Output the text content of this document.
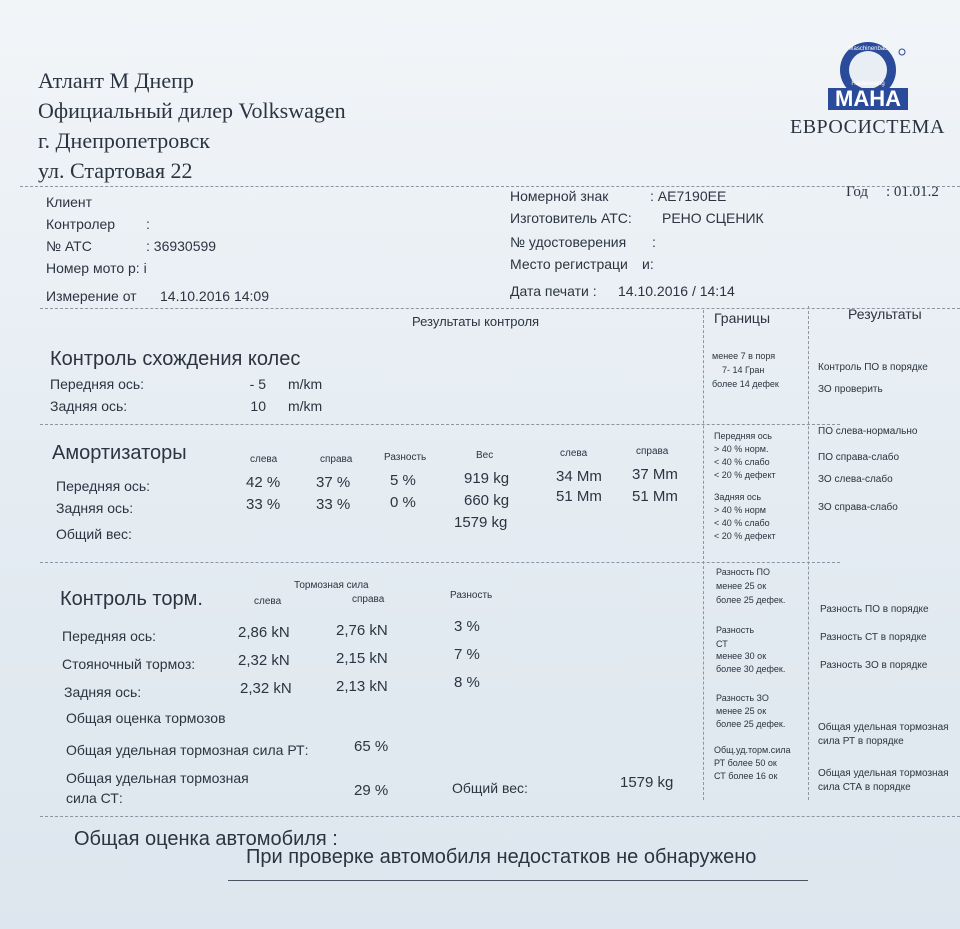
Атлант М Днепр
Официальный дилер Volkswagen
г. Днепропетровск
ул. Стартовая 22
MAHA
Maschinenbau
Haldenwang
ЕВРОСИСТЕМА
Клиент
Контролер :
№ АТС	: 36930599
Номер мото р: і
Измерение от 14.10.2016 14:09
Номерной знак	: АЕ7190ЕЕ	Год : 01.01.2
Изготовитель АТС: РЕНО СЦЕНИК
№ удостоверения :
Место регистраци и:
Дата печати : 14.10.2016 / 14:14
Результаты контроля	Границы	Результаты
Контроль схождения колес
Передняя ось:	- 5 m/km
Задняя ось:	10 m/km
менее 7 в поря
7- 14 Гран
более 14 дефек
Контроль ПО в порядке
ЗО проверить
Амортизаторы	слева	справа	Разность	Вес	слева	справа
Передняя ось:	42 % 37 %	5 %	919 kg	34 Mm 37 Mm
Задняя ось:	33 % 33 %	0 %	660 kg	51 Mm 51 Mm
Общий вес:
1579 kg
Передняя ось
> 40 % норм.
< 40 % слабо
< 20 % дефект
Задняя ось
> 40 % норм
< 40 % слабо
< 20 % дефект
ПО слева-нормально
ПО справа-слабо
ЗО слева-слабо
ЗО справа-слабо
Контроль торм.
Тормозная сила
слева	справа	Разность
Передняя ось:	2,86 kN	2,76 kN	3 %
Стояночный тормоз:	2,32 kN	2,15 kN	7 %
Задняя ось:	2,32 kN	2,13 kN	8 %
Общая оценка тормозов
Общая удельная тормозная сила РТ:	65 %
Общая удельная тормозная
сила СТ:	29 %	Общий вес:	1579 kg
Разность ПО
менее 25 ок
более 25 дефек.
Разность
СТ
менее 30 ок
более 30 дефек.
Разность ЗО
менее 25 ок
более 25 дефек.
Общ.уд.торм.сила
РТ более 50 ок
СТ более 16 ок
Разность ПО в порядке
Разность СТ в порядке
Разность ЗО в порядке
Общая удельная тормозная
сила РТ в порядке
Общая удельная тормозная
сила СТА в порядке
Общая оценка автомобиля :
При проверке автомобиля недостатков не обнаружено
